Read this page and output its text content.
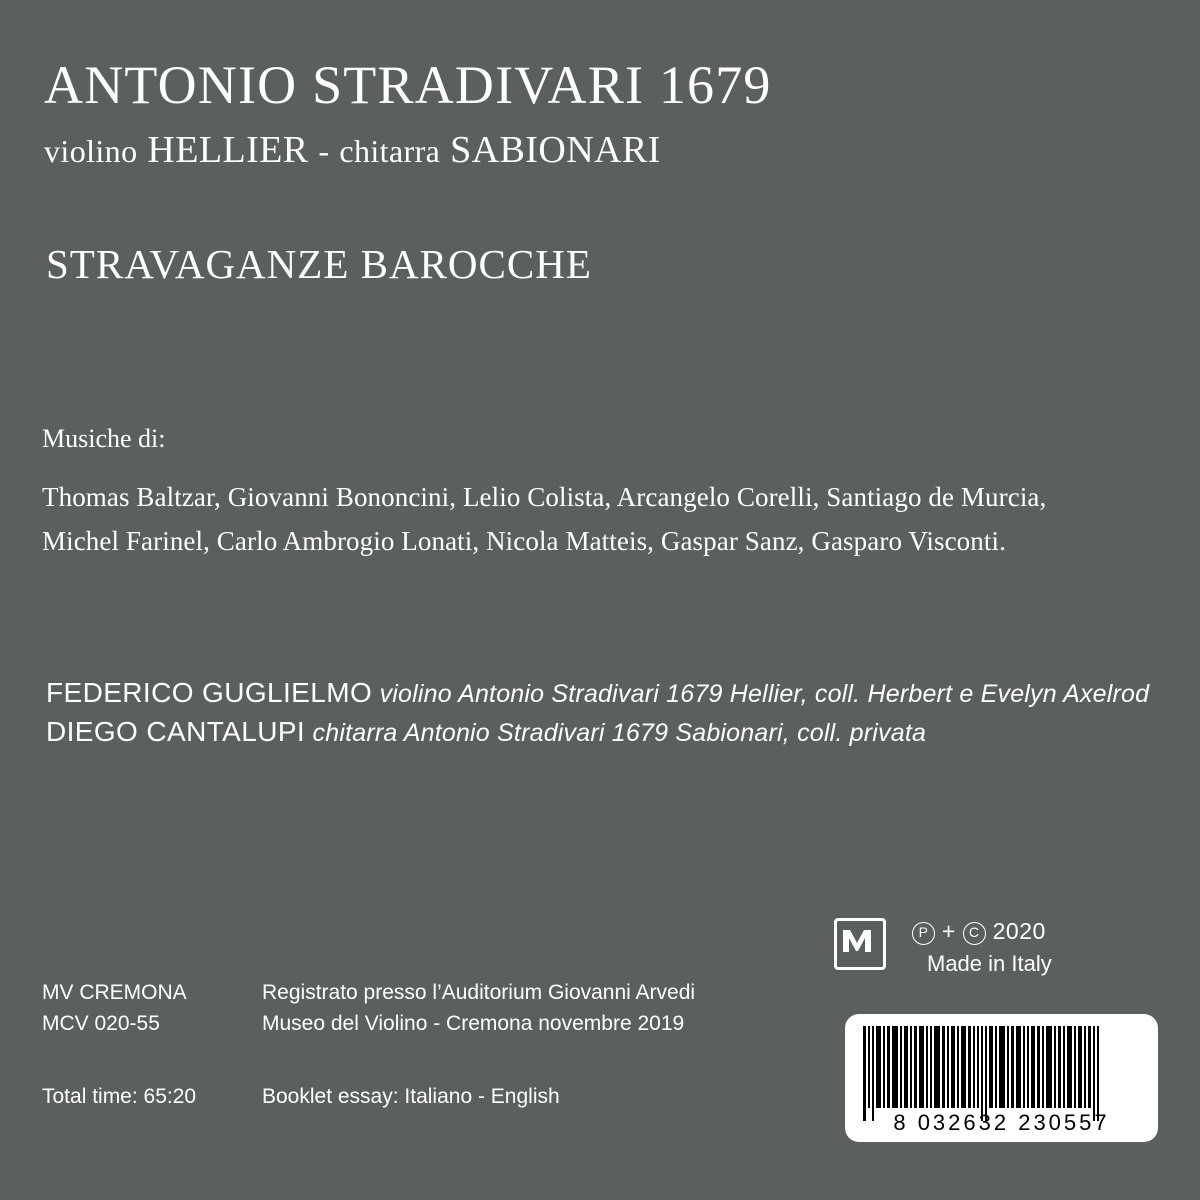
ANTONIO STRADIVARI 1679
violino HELLIER - chitarra SABIONARI
STRAVAGANZE BAROCCHE
Musiche di:
Thomas Baltzar, Giovanni Bononcini, Lelio Colista, Arcangelo Corelli, Santiago de Murcia,
Michel Farinel, Carlo Ambrogio Lonati, Nicola Matteis, Gaspar Sanz, Gasparo Visconti.
FEDERICO GUGLIELMO violino Antonio Stradivari 1679 Hellier, coll. Herbert e Evelyn Axelrod
DIEGO CANTALUPI chitarra Antonio Stradivari 1679 Sabionari, coll. privata
MV CREMONA
MCV 020-55
Registrato presso l’Auditorium Giovanni Arvedi
Museo del Violino - Cremona novembre 2019
Total time: 65:20	Booklet essay: Italiano - English
P + C 2020
Made in Italy
8 032632 230557
